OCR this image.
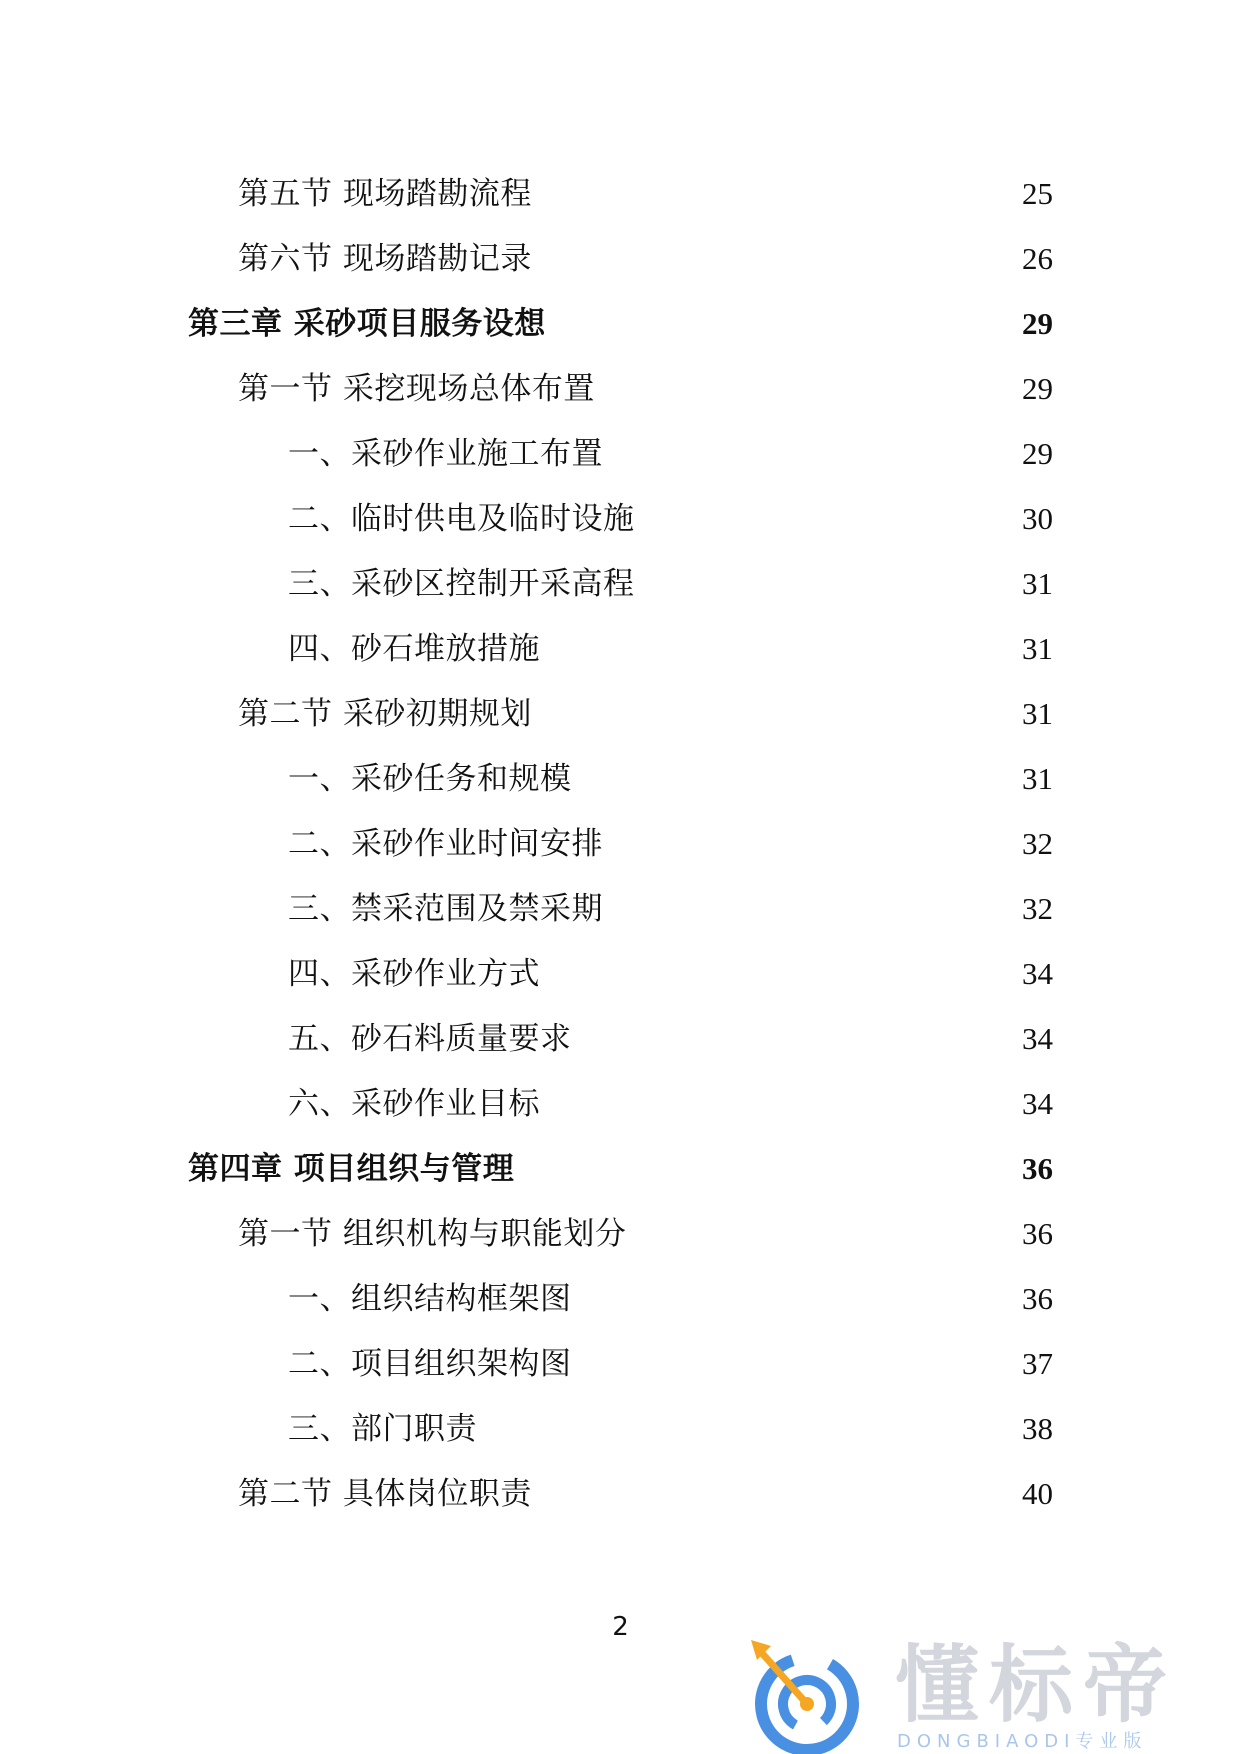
第五节 现场踏勘流程	25
第六节 现场踏勘记录	26
第三章 采砂项目服务设想	29
第一节 采挖现场总体布置	29
一、采砂作业施工布置	29
二、临时供电及临时设施	30
三、采砂区控制开采高程	31
四、砂石堆放措施	31
第二节 采砂初期规划	31
一、采砂任务和规模	31
二、采砂作业时间安排	32
三、禁采范围及禁采期	32
四、采砂作业方式	34
五、砂石料质量要求	34
六、采砂作业目标	34
第四章 项目组织与管理	36
第一节 组织机构与职能划分	36
一、组织结构框架图	36
二、项目组织架构图	37
三、部门职责	38
第二节 具体岗位职责	40
2
懂标帝
DONGBIAODI专业版
